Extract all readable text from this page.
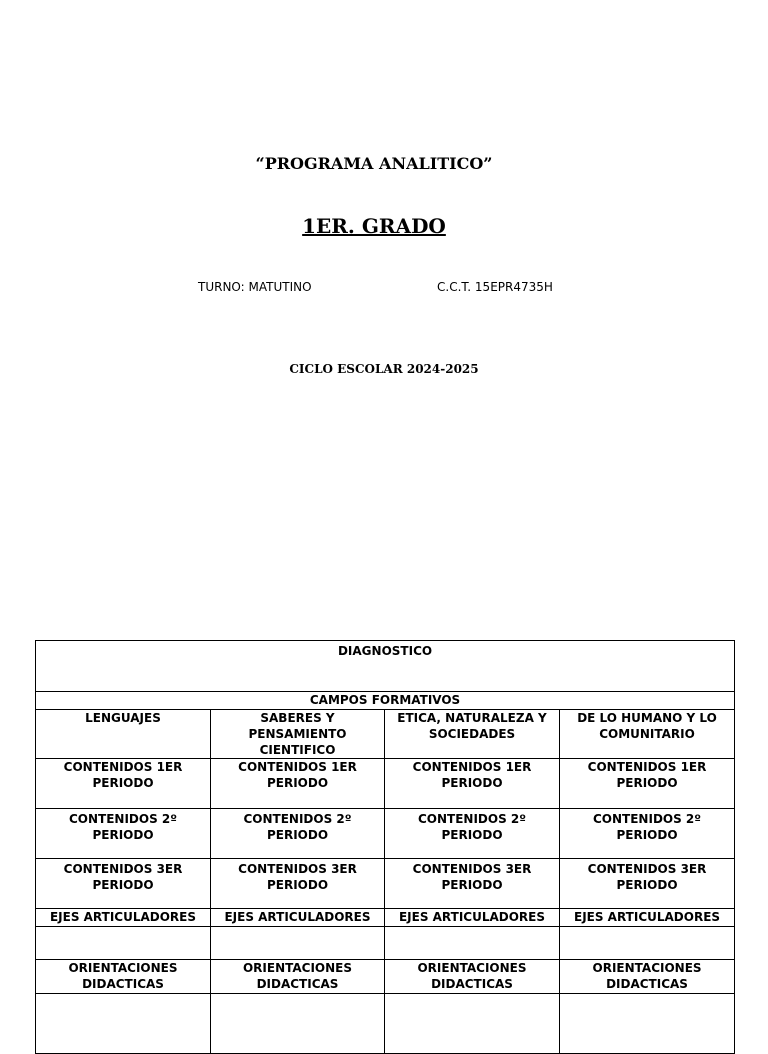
“PROGRAMA ANALITICO”
1ER. GRADO
TURNO: MATUTINO	C.C.T. 15EPR4735H
CICLO ESCOLAR 2024-2025
DIAGNOSTICO			
CAMPOS FORMATIVOS			
LENGUAJES	SABERES Y PENSAMIENTO CIENTIFICO	ETICA, NATURALEZA Y SOCIEDADES	DE LO HUMANO Y LO COMUNITARIO
CONTENIDOS 1ER PERIODO	CONTENIDOS 1ER PERIODO	CONTENIDOS 1ER PERIODO	CONTENIDOS 1ER PERIODO
CONTENIDOS 2º PERIODO	CONTENIDOS 2º PERIODO	CONTENIDOS 2º PERIODO	CONTENIDOS 2º PERIODO
CONTENIDOS 3ER PERIODO	CONTENIDOS 3ER PERIODO	CONTENIDOS 3ER PERIODO	CONTENIDOS 3ER PERIODO
EJES ARTICULADORES	EJES ARTICULADORES	EJES ARTICULADORES	EJES ARTICULADORES

ORIENTACIONES DIDACTICAS	ORIENTACIONES DIDACTICAS	ORIENTACIONES DIDACTICAS	ORIENTACIONES DIDACTICAS
